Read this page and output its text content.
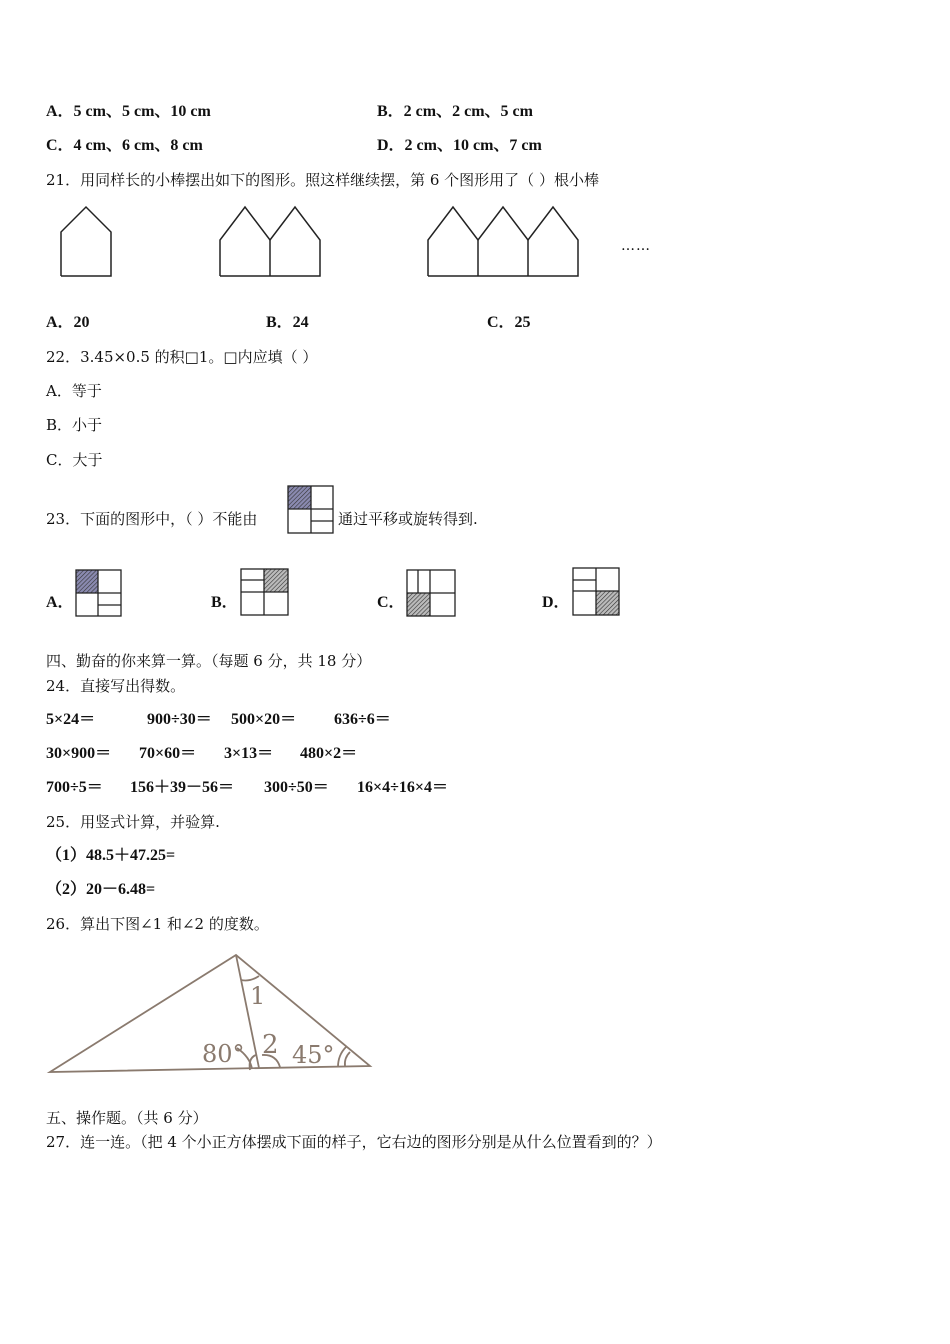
A．5 cm、5 cm、10 cm	B．2 cm、2 cm、5 cm
C．4 cm、6 cm、8 cm	D．2 cm、10 cm、7 cm
21．用同样长的小棒摆出如下的图形。照这样继续摆，第 6 个图形用了（ ）根小棒
……
A．20	B．24	C．25
22．3.45×0.5 的积□1。□内应填（ ）
A．等于
B．小于
C．大于
23．下面的图形中，（ ）不能由	通过平移或旋转得到.
A．	B．	C．	D．
四、勤奋的你来算一算。（每题 6 分，共 18 分）
24．直接写出得数。
5×24＝	900÷30＝ 500×20＝ 636÷6＝
30×900＝ 70×60＝ 3×13＝ 480×2＝
700÷5＝ 156＋39－56＝ 300÷50＝ 16×4÷16×4＝
25．用竖式计算，并验算.
（1）48.5＋47.25=
（2）20－6.48=
26．算出下图∠1 和∠2 的度数。
1
2
80° 45°
五、操作题。（共 6 分）
27．连一连。（把 4 个小正方体摆成下面的样子，它右边的图形分别是从什么位置看到的？）
